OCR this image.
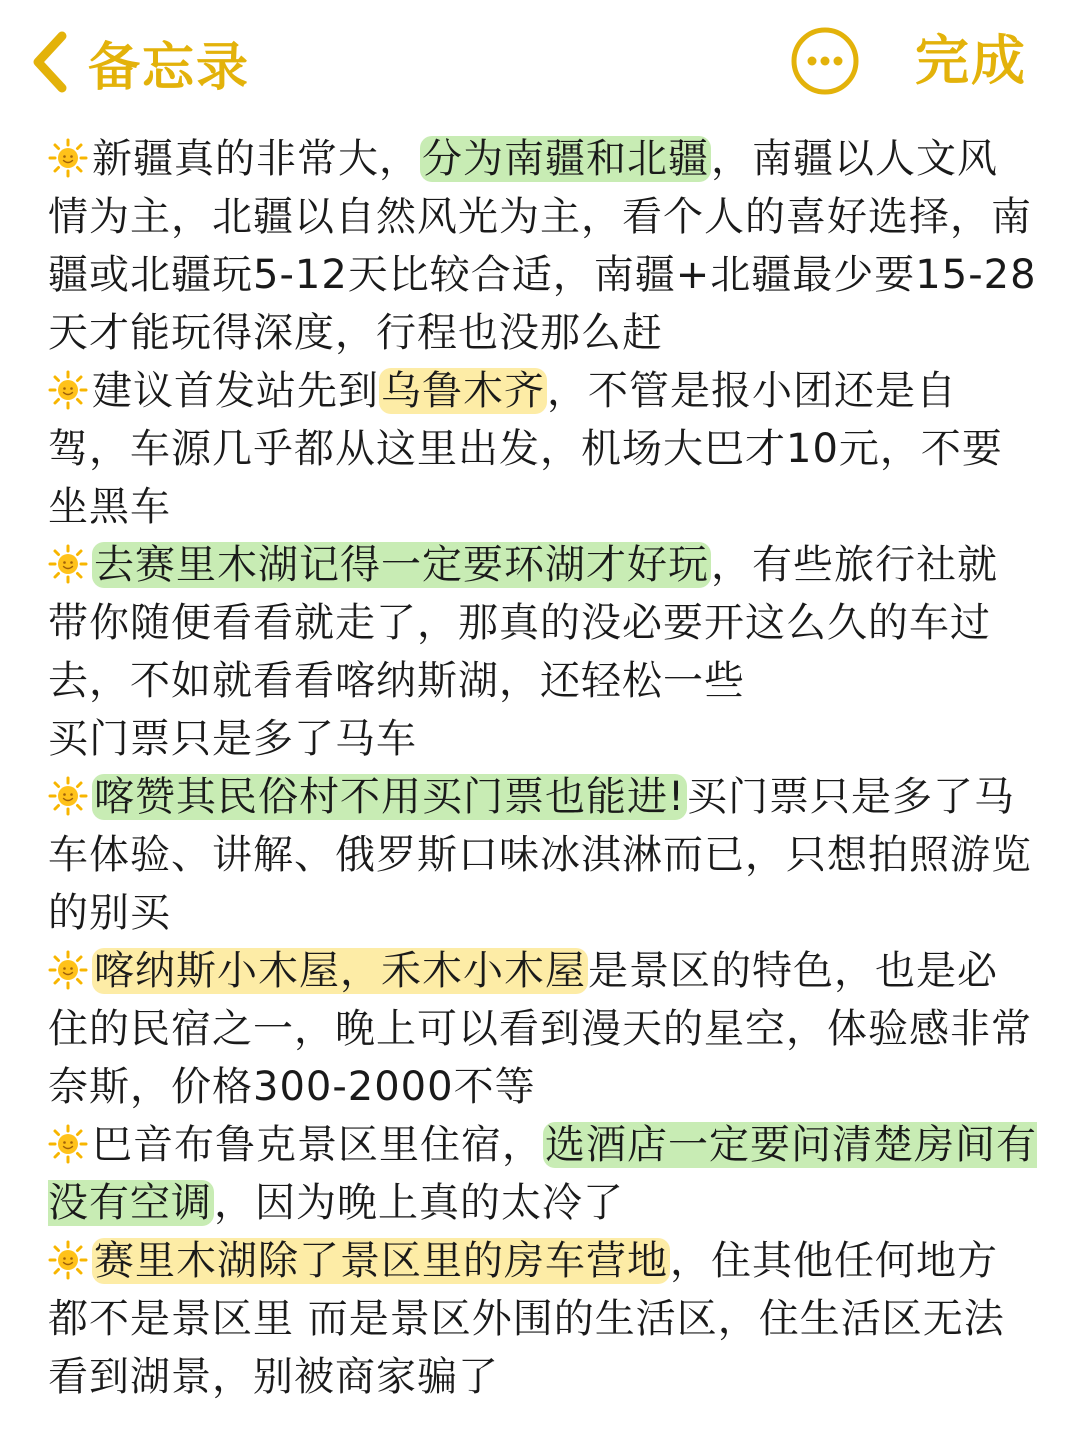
备忘录	完成

新疆真的非常大，分为南疆和北疆，南疆以人文风情为主，北疆以自然风光为主，看个人的喜好选择，南疆或北疆玩5-12天比较合适，南疆+北疆最少要15-28天才能玩得深度，行程也没那么赶

建议首发站先到乌鲁木齐，不管是报小团还是自驾，车源几乎都从这里出发，机场大巴才10元，不要坐黑车

去赛里木湖记得一定要环湖才好玩，有些旅行社就带你随便看看就走了，那真的没必要开这么久的车过去，不如就看看喀纳斯湖，还轻松一些

买门票只是多了马车

喀赞其民俗村不用买门票也能进!买门票只是多了马车体验、讲解、俄罗斯口味冰淇淋而已，只想拍照游览的别买

喀纳斯小木屋，禾木小木屋是景区的特色，也是必住的民宿之一，晚上可以看到漫天的星空，体验感非常奈斯，价格300-2000不等

巴音布鲁克景区里住宿，选酒店一定要问清楚房间有没有空调，因为晚上真的太冷了

赛里木湖除了景区里的房车营地，住其他任何地方都不是景区里 而是景区外围的生活区，住生活区无法看到湖景，别被商家骗了
